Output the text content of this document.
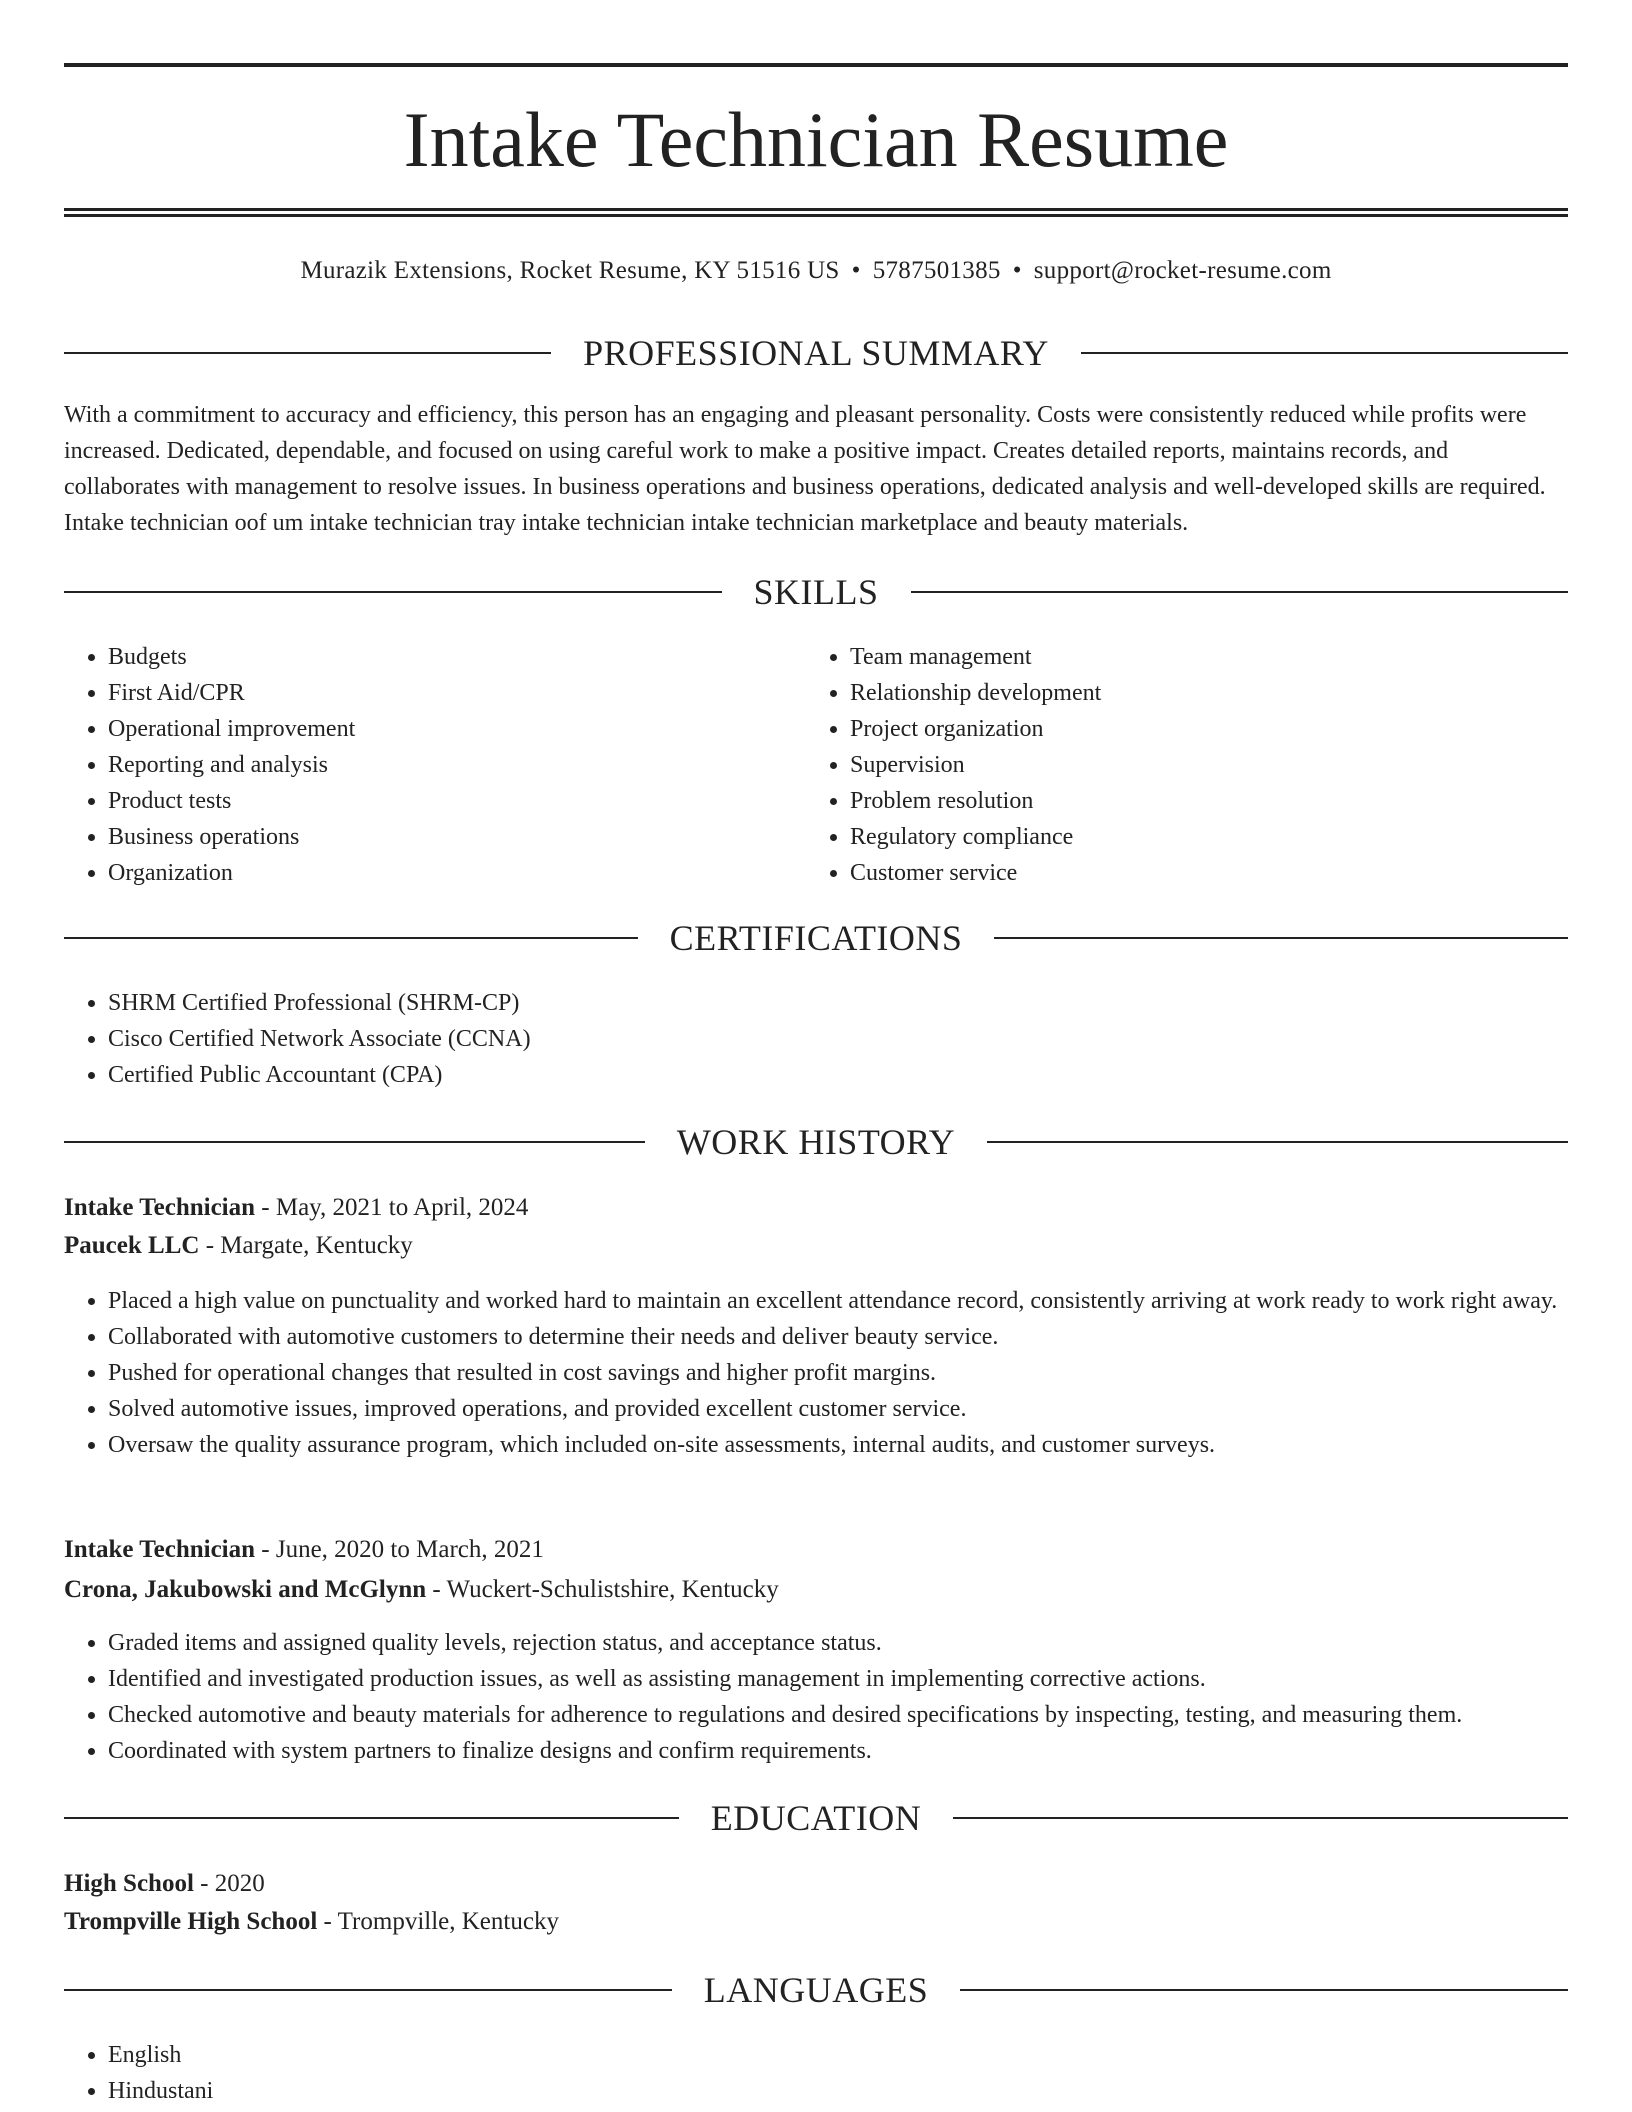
Intake Technician Resume
Murazik Extensions, Rocket Resume, KY 51516 US • 5787501385 • support@rocket-resume.com
PROFESSIONAL SUMMARY

With a commitment to accuracy and efficiency, this person has an engaging and pleasant personality. Costs were consistently reduced while profits were increased. Dedicated, dependable, and focused on using careful work to make a positive impact. Creates detailed reports, maintains records, and collaborates with management to resolve issues. In business operations and business operations, dedicated analysis and well-developed skills are required. Intake technician oof um intake technician tray intake technician intake technician marketplace and beauty materials.

SKILLS
• Budgets
• First Aid/CPR
• Operational improvement
• Reporting and analysis
• Product tests
• Business operations
• Organization
• Team management
• Relationship development
• Project organization
• Supervision
• Problem resolution
• Regulatory compliance
• Customer service
CERTIFICATIONS
• SHRM Certified Professional (SHRM-CP)
• Cisco Certified Network Associate (CCNA)
• Certified Public Accountant (CPA)
WORK HISTORY
Intake Technician - May, 2021 to April, 2024
Paucek LLC - Margate, Kentucky
• Placed a high value on punctuality and worked hard to maintain an excellent attendance record, consistently arriving at work ready to work right away.
• Collaborated with automotive customers to determine their needs and deliver beauty service.
• Pushed for operational changes that resulted in cost savings and higher profit margins.
• Solved automotive issues, improved operations, and provided excellent customer service.
• Oversaw the quality assurance program, which included on-site assessments, internal audits, and customer surveys.
Intake Technician - June, 2020 to March, 2021
Crona, Jakubowski and McGlynn - Wuckert-Schulistshire, Kentucky
• Graded items and assigned quality levels, rejection status, and acceptance status.
• Identified and investigated production issues, as well as assisting management in implementing corrective actions.
• Checked automotive and beauty materials for adherence to regulations and desired specifications by inspecting, testing, and measuring them.
• Coordinated with system partners to finalize designs and confirm requirements.
EDUCATION
High School - 2020
Trompville High School - Trompville, Kentucky
LANGUAGES
• English
• Hindustani
